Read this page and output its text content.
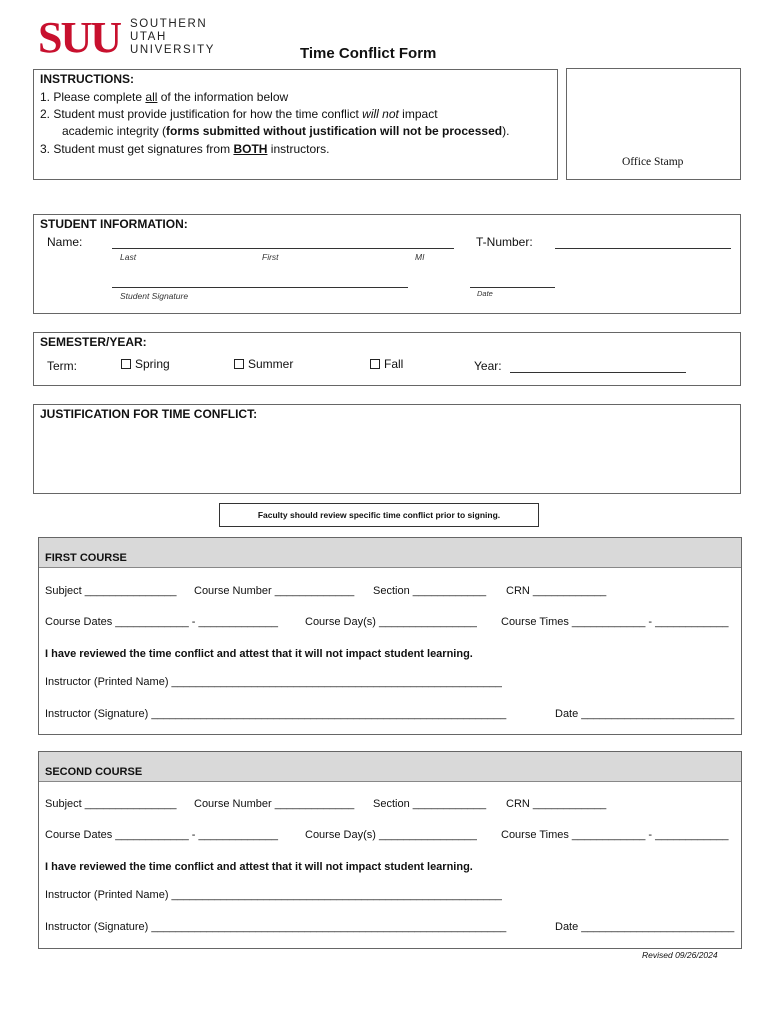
SUU SOUTHERN
UTAH
UNIVERSITY	Time Conflict Form
INSTRUCTIONS:
1. Please complete all of the information below
2. Student must provide justification for how the time conflict will not impact
academic integrity (forms submitted without justification will not be processed).
3. Student must get signatures from BOTH instructors.
Office Stamp
STUDENT INFORMATION:
Name:	T-Number:
Last	First	MI
Student Signature	Date
SEMESTER/YEAR:
Term:	Spring	Summer	Fall	Year:
JUSTIFICATION FOR TIME CONFLICT:
Faculty should review specific time conflict prior to signing.
FIRST COURSE
Subject _______________ Course Number _____________ Section ____________ CRN ____________
Course Dates ____________ - _____________ Course Day(s) ________________ Course Times ____________ - ____________
I have reviewed the time conflict and attest that it will not impact student learning.
Instructor (Printed Name) ______________________________________________________
Instructor (Signature) __________________________________________________________	Date _________________________
SECOND COURSE
Subject _______________ Course Number _____________ Section ____________ CRN ____________
Course Dates ____________ - _____________ Course Day(s) ________________ Course Times ____________ - ____________
I have reviewed the time conflict and attest that it will not impact student learning.
Instructor (Printed Name) ______________________________________________________
Instructor (Signature) __________________________________________________________	Date _________________________
Revised 09/26/2024
